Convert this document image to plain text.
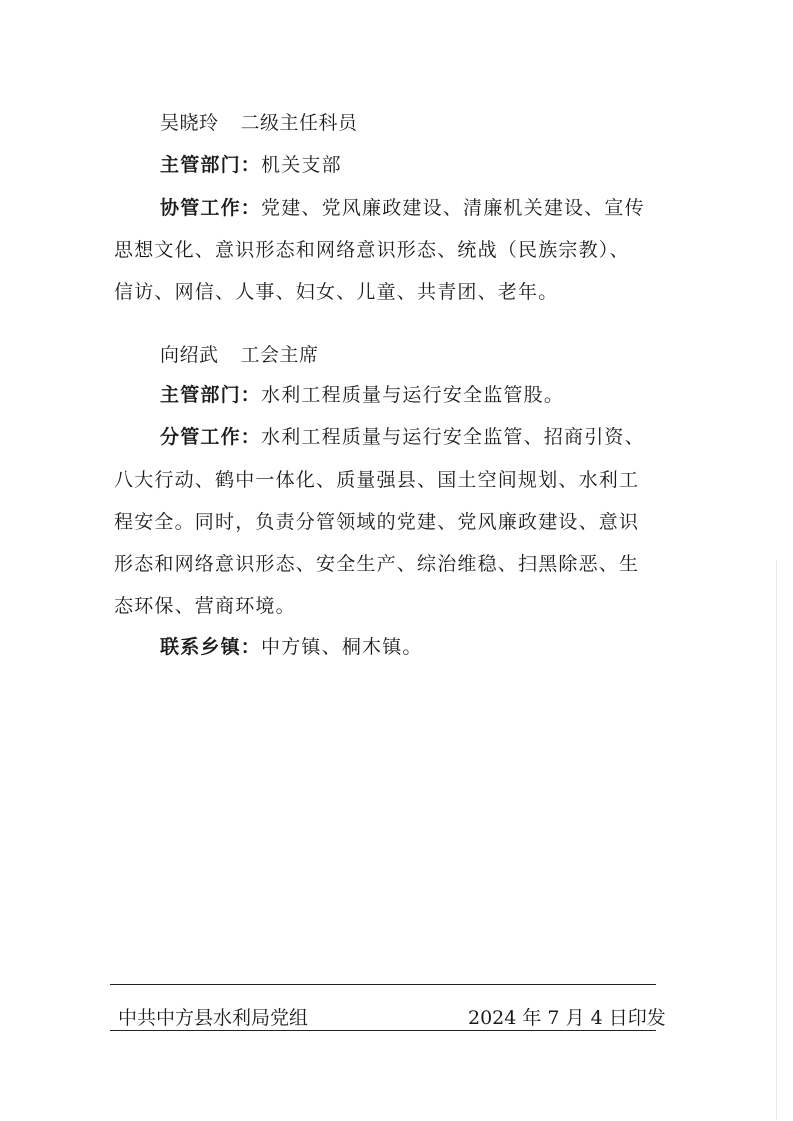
吴晓玲 二级主任科员
主管部门：机关支部
协管工作：党建、党风廉政建设、清廉机关建设、宣传
思想文化、意识形态和网络意识形态、统战（民族宗教）、
信访、网信、人事、妇女、儿童、共青团、老年。
向绍武 工会主席
主管部门：水利工程质量与运行安全监管股。
分管工作：水利工程质量与运行安全监管、招商引资、
八大行动、鹤中一体化、质量强县、国土空间规划、水利工
程安全。同时，负责分管领域的党建、党风廉政建设、意识
形态和网络意识形态、安全生产、综治维稳、扫黑除恶、生
态环保、营商环境。
联系乡镇：中方镇、桐木镇。
中共中方县水利局党组	2024 年 7 月 4 日印发
